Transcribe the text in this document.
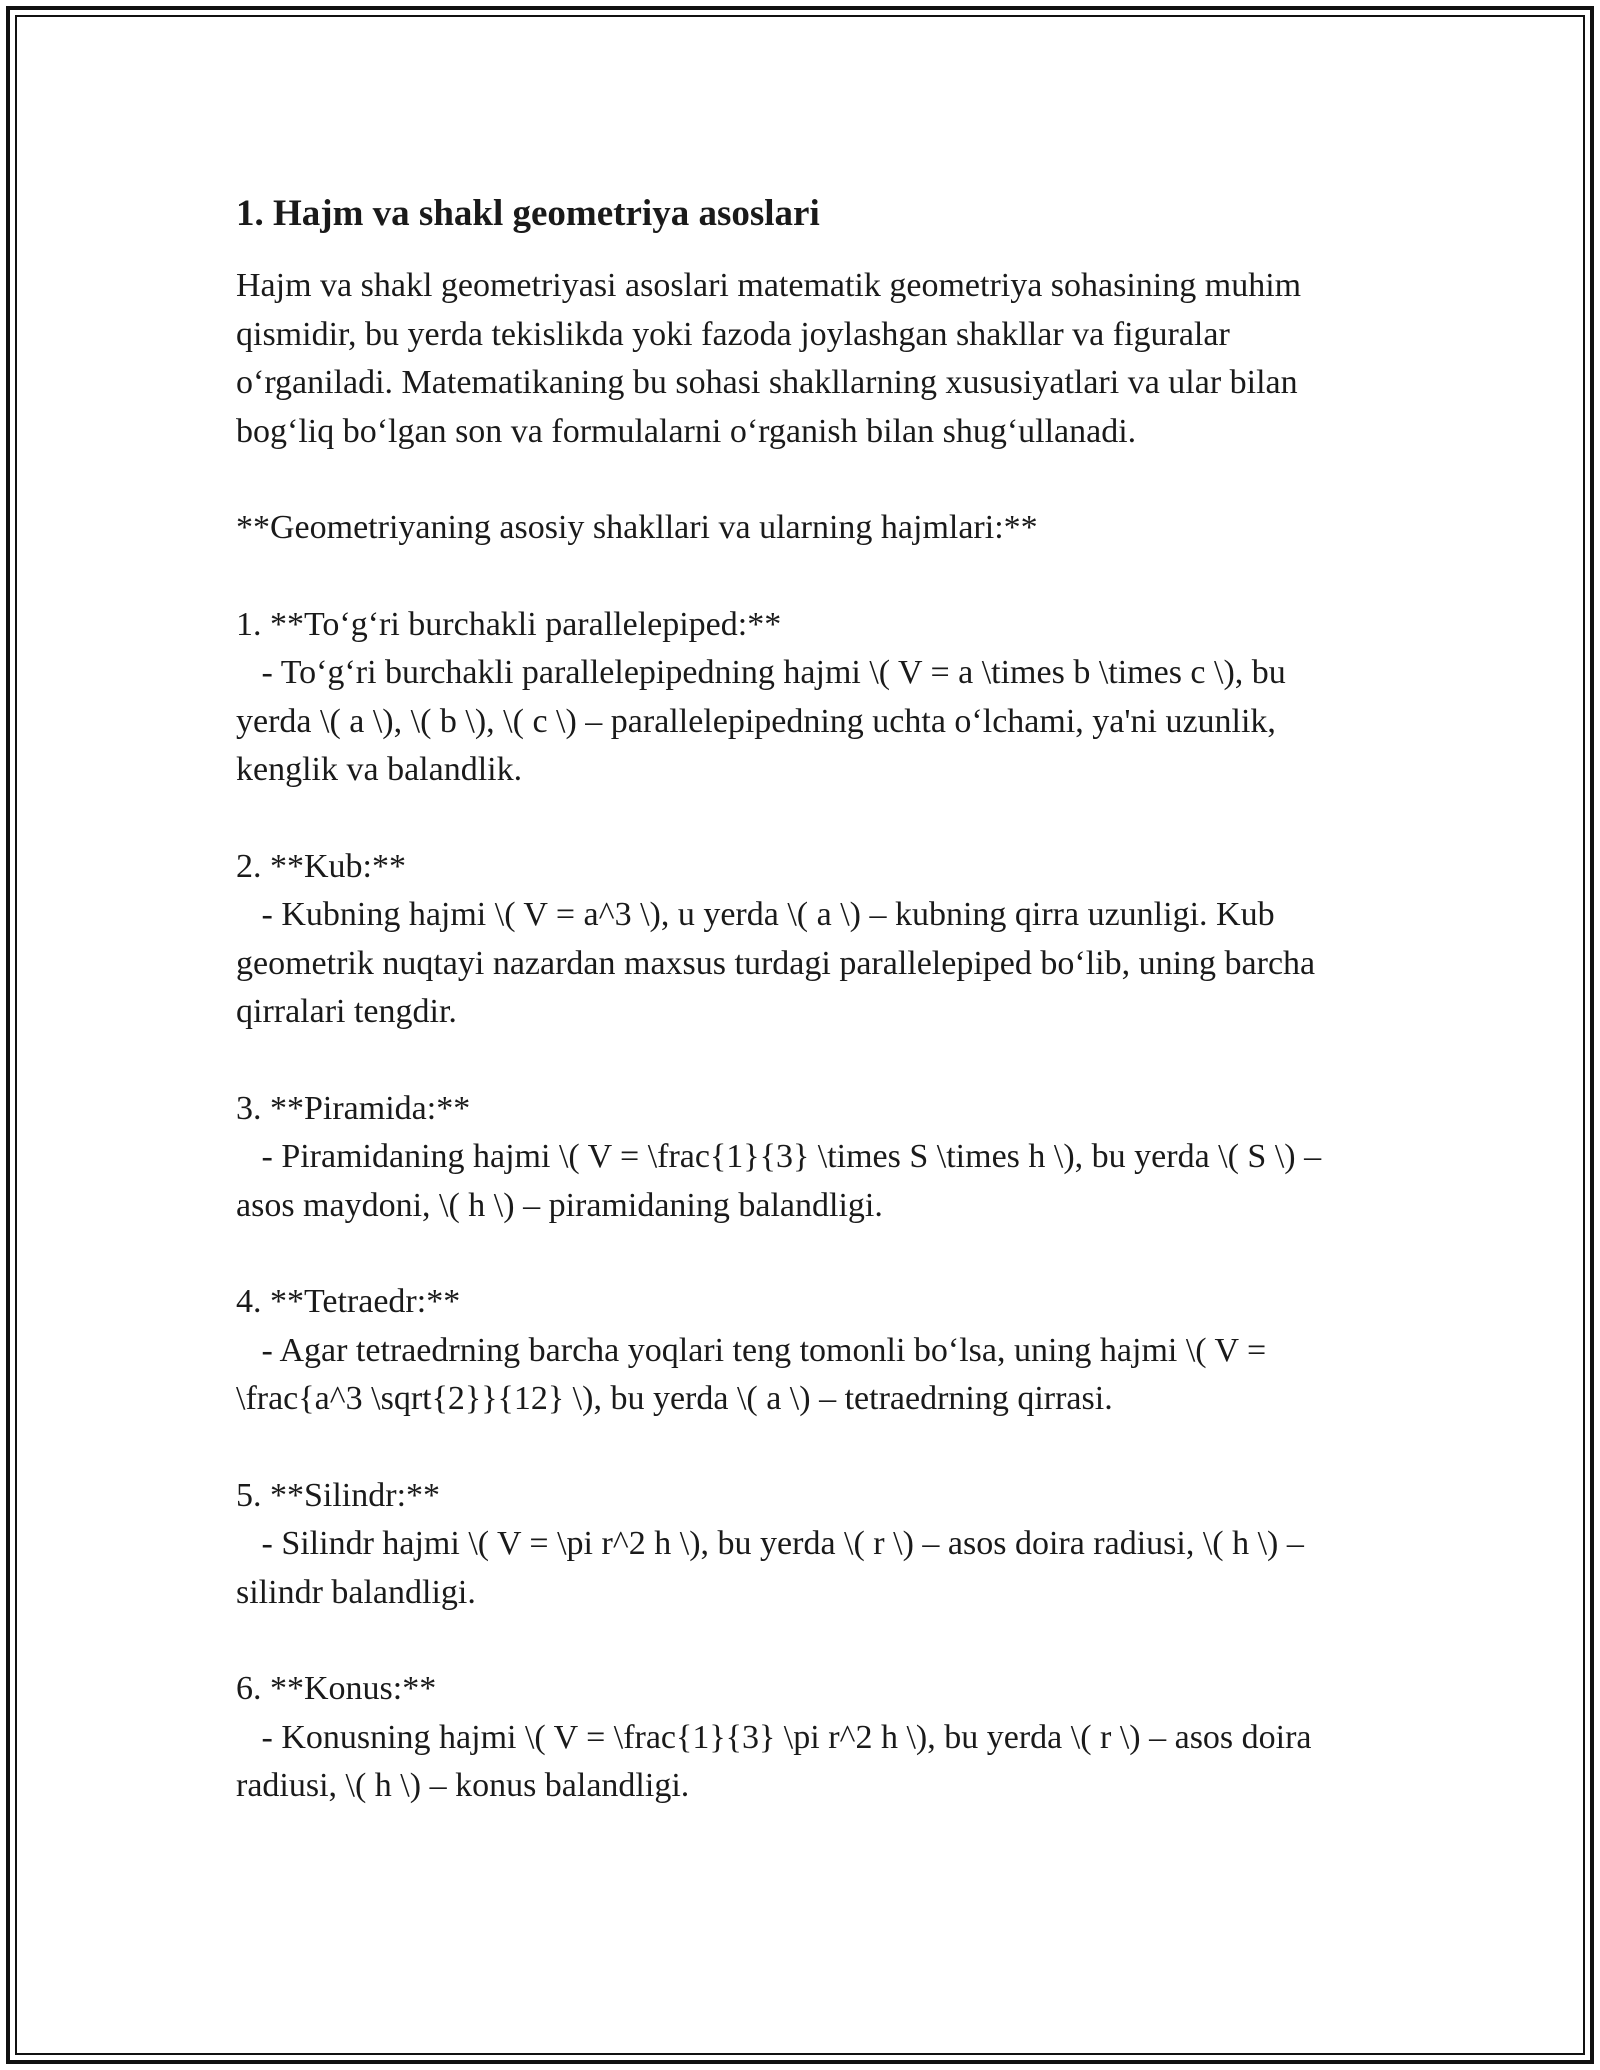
1. Hajm va shakl geometriya asoslari

Hajm va shakl geometriyasi asoslari matematik geometriya sohasining muhim qismidir, bu yerda tekislikda yoki fazoda joylashgan shakllar va figuralar o‘rganiladi. Matematikaning bu sohasi shakllarning xususiyatlari va ular bilan bog‘liq bo‘lgan son va formulalarni o‘rganish bilan shug‘ullanadi.

**Geometriyaning asosiy shakllari va ularning hajmlari:**

1. **To‘g‘ri burchakli parallelepiped:**

- To‘g‘ri burchakli parallelepipedning hajmi \( V = a \times b \times c \), bu yerda \( a \), \( b \), \( c \) – parallelepipedning uchta o‘lchami, ya'ni uzunlik, kenglik va balandlik.

2. **Kub:**

- Kubning hajmi \( V = a^3 \), u yerda \( a \) – kubning qirra uzunligi. Kub geometrik nuqtayi nazardan maxsus turdagi parallelepiped bo‘lib, uning barcha qirralari tengdir.

3. **Piramida:**

- Piramidaning hajmi \( V = \frac{1}{3} \times S \times h \), bu yerda \( S \) – asos maydoni, \( h \) – piramidaning balandligi.

4. **Tetraedr:**

- Agar tetraedrning barcha yoqlari teng tomonli bo‘lsa, uning hajmi \( V = \frac{a^3 \sqrt{2}}{12} \), bu yerda \( a \) – tetraedrning qirrasi.

5. **Silindr:**

- Silindr hajmi \( V = \pi r^2 h \), bu yerda \( r \) – asos doira radiusi, \( h \) – silindr balandligi.

6. **Konus:**

- Konusning hajmi \( V = \frac{1}{3} \pi r^2 h \), bu yerda \( r \) – asos doira radiusi, \( h \) – konus balandligi.
